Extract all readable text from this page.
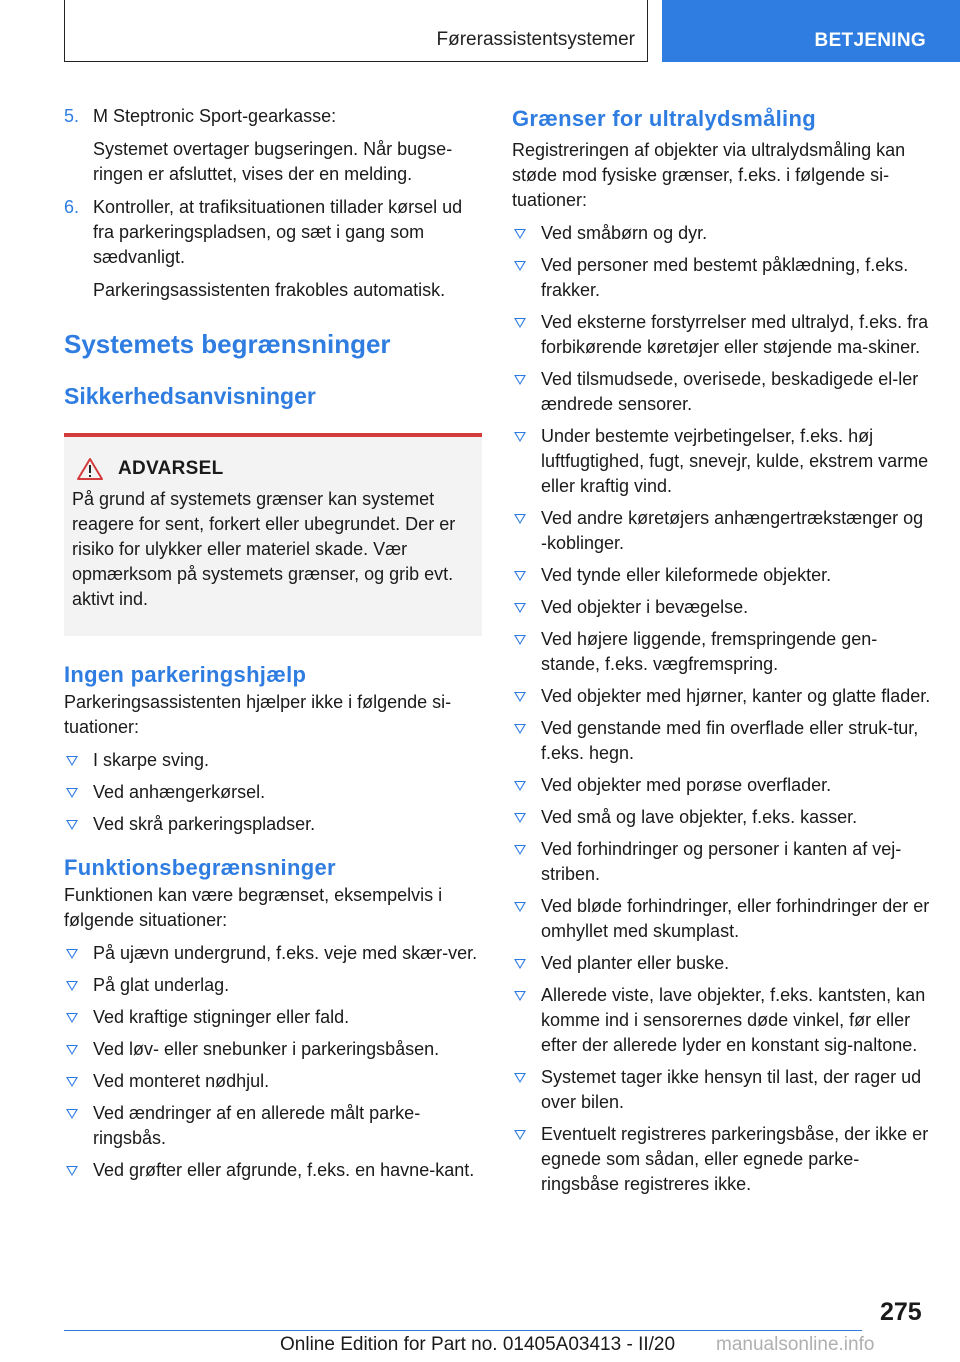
Førerassistentsystemer	BETJENING
5. M Steptronic Sport-gearkasse:

Systemet overtager bugseringen. Når bugse-ringen er afsluttet, vises der en melding.

6. Kontroller, at trafiksituationen tillader kørsel ud fra parkeringspladsen, og sæt i gang som sædvanligt.

Parkeringsassistenten frakobles automatisk.

Systemets begrænsninger
Sikkerhedsanvisninger
ADVARSEL

På grund af systemets grænser kan systemet reagere for sent, forkert eller ubegrundet. Der er risiko for ulykker eller materiel skade. Vær opmærksom på systemets grænser, og grib evt. aktivt ind.

Ingen parkeringshjælp

Parkeringsassistenten hjælper ikke i følgende si-tuationer:

I skarpe sving.
Ved anhængerkørsel.
Ved skrå parkeringspladser.
Funktionsbegrænsninger

Funktionen kan være begrænset, eksempelvis i følgende situationer:

På ujævn undergrund, f.eks. veje med skær-ver.
På glat underlag.
Ved kraftige stigninger eller fald.
Ved løv- eller snebunker i parkeringsbåsen.
Ved monteret nødhjul.
Ved ændringer af en allerede målt parke-ringsbås.
Ved grøfter eller afgrunde, f.eks. en havne-kant.
Grænser for ultralydsmåling

Registreringen af objekter via ultralydsmåling kan støde mod fysiske grænser, f.eks. i følgende si-tuationer:

Ved småbørn og dyr.
Ved personer med bestemt påklædning, f.eks. frakker.
Ved eksterne forstyrrelser med ultralyd, f.eks. fra forbikørende køretøjer eller støjende ma-skiner.
Ved tilsmudsede, overisede, beskadigede el-ler ændrede sensorer.
Under bestemte vejrbetingelser, f.eks. høj luftfugtighed, fugt, snevejr, kulde, ekstrem varme eller kraftig vind.
Ved andre køretøjers anhængertrækstænger og -koblinger.
Ved tynde eller kileformede objekter.
Ved objekter i bevægelse.
Ved højere liggende, fremspringende gen-stande, f.eks. vægfremspring.
Ved objekter med hjørner, kanter og glatte flader.
Ved genstande med fin overflade eller struk-tur, f.eks. hegn.
Ved objekter med porøse overflader.
Ved små og lave objekter, f.eks. kasser.
Ved forhindringer og personer i kanten af vej-striben.
Ved bløde forhindringer, eller forhindringer der er omhyllet med skumplast.
Ved planter eller buske.
Allerede viste, lave objekter, f.eks. kantsten, kan komme ind i sensorernes døde vinkel, før eller efter der allerede lyder en konstant sig-naltone.
Systemet tager ikke hensyn til last, der rager ud over bilen.
Eventuelt registreres parkeringsbåse, der ikke er egnede som sådan, eller egnede parke-ringsbåse registreres ikke.
275
Online Edition for Part no. 01405A03413 - II/20 manualsonline.info
